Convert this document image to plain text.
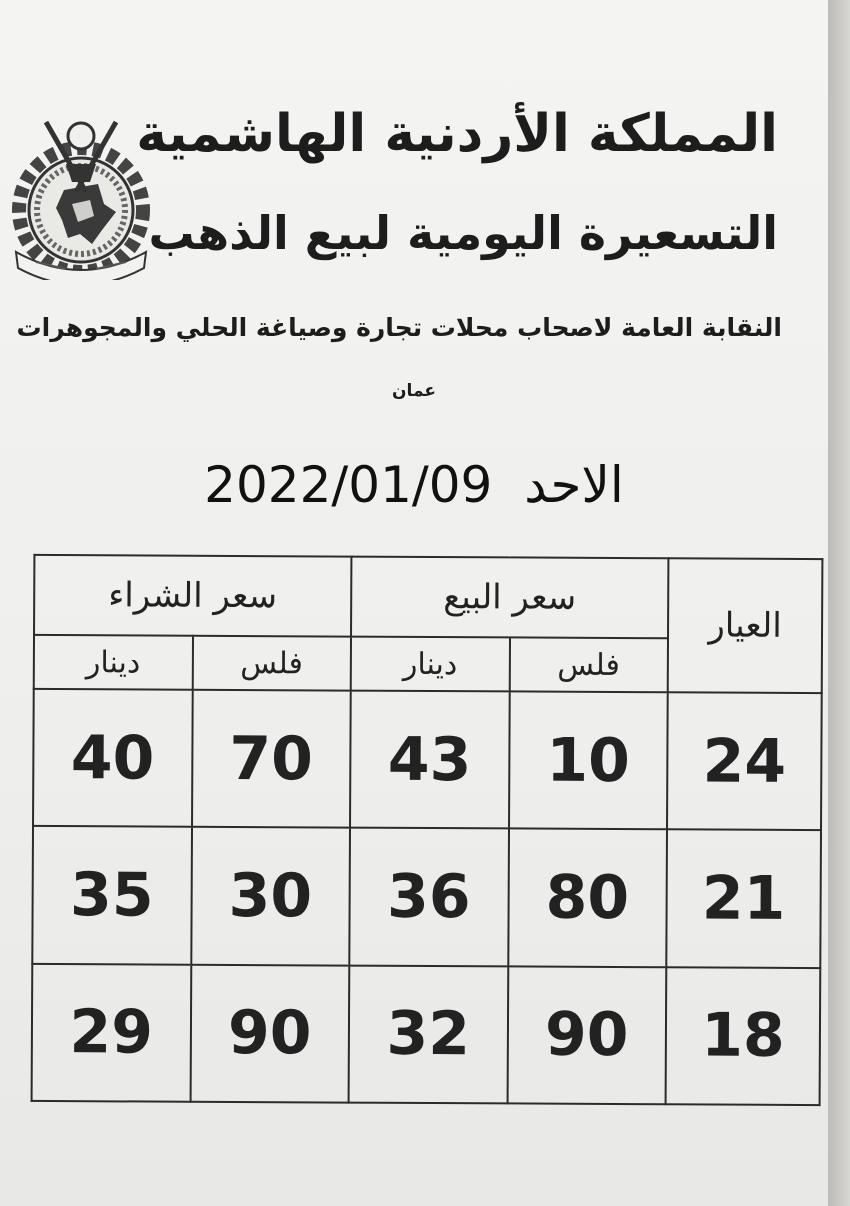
المملكة الأردنية الهاشمية
التسعيرة اليومية لبيع الذهب
النقابة العامة لاصحاب محلات تجارة وصياغة الحلي والمجوهرات
عمان
الاحد 2022/01/09
العيار	سعر البيع		سعر الشراء	
	فلس	دينار	فلس	دينار
24	10	43	70	40
21	80	36	30	35
18	90	32	90	29
